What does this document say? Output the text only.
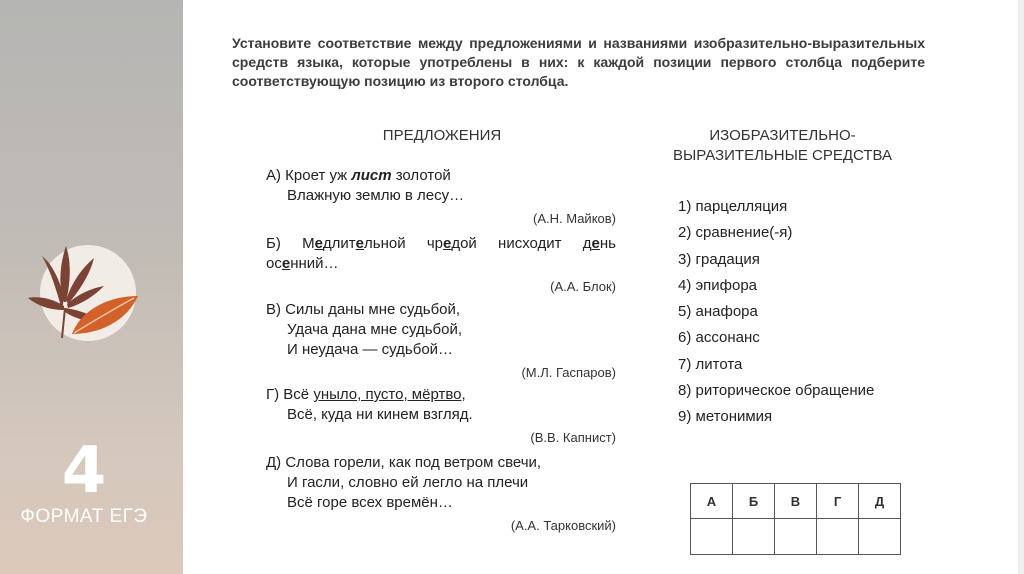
4
ФОРМАТ ЕГЭ
Установите соответствие между предложениями и названиями изобразительно-выразительных средств языка, которые употреблены в них: к каждой позиции первого столбца подберите соответствующую позицию из второго столбца.
ПРЕДЛОЖЕНИЯ	ИЗОБРАЗИТЕЛЬНО-
ВЫРАЗИТЕЛЬНЫЕ СРЕДСТВА
А) Кроет уж лист золотой
Влажную землю в лесу…
(А.Н. Майков)
Б) Медлительной чредой нисходит день
осенний…
(А.А. Блок)
В) Силы даны мне судьбой,
Удача дана мне судьбой,
И неудача — судьбой…
(М.Л. Гаспаров)
Г) Всё уныло, пусто, мёртво,
Всё, куда ни кинем взгляд.
(В.В. Капнист)
Д) Слова горели, как под ветром свечи,
И гасли, словно ей легло на плечи
Всё горе всех времён…
(А.А. Тарковский)
1) парцелляция
2) сравнение(-я)
3) градация
4) эпифора
5) анафора
6) ассонанс
7) литота
8) риторическое обращение
9) метонимия
А	Б	В	Г	Д
